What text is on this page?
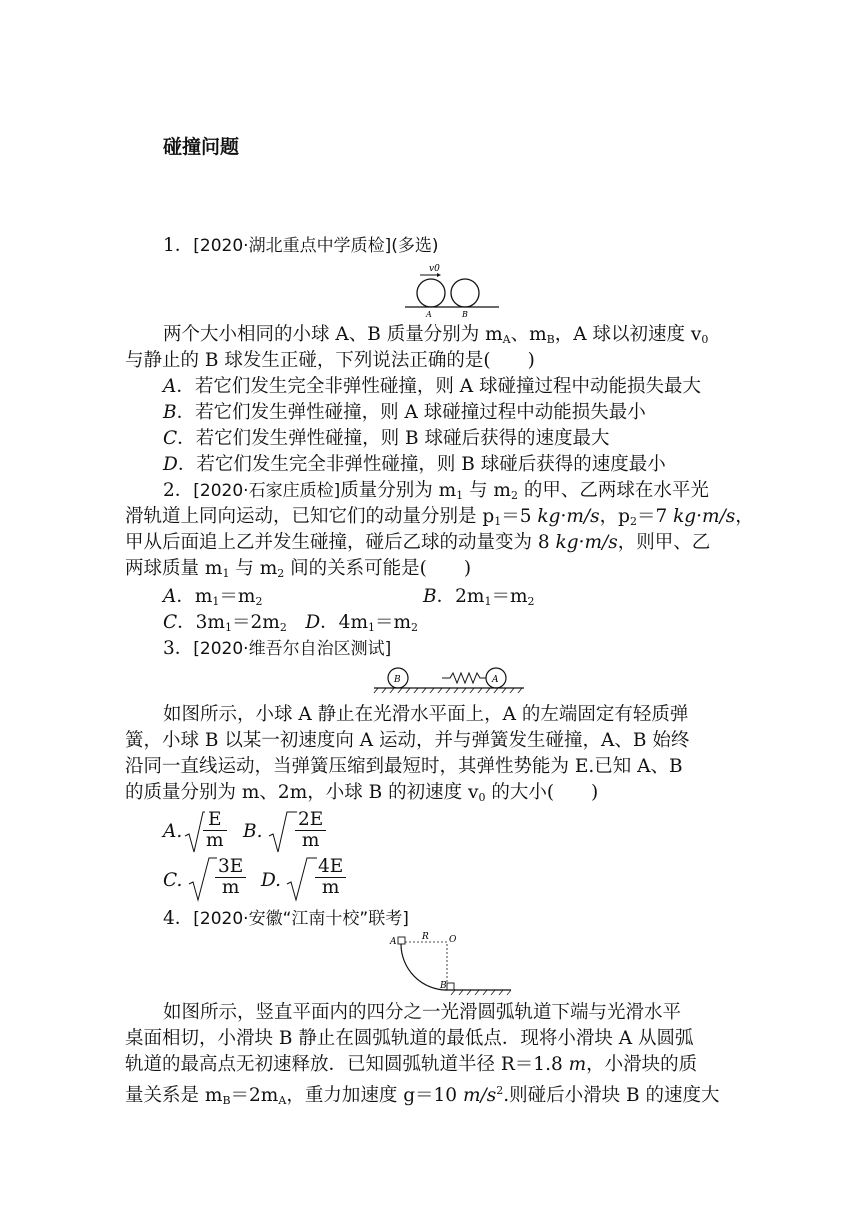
碰撞问题
1．[2020·湖北重点中学质检](多选)
v0
A	B
两个大小相同的小球 A、B 质量分别为 $m_A$、$m_B$，A 球以初速度 $v_0$
与静止的 B 球发生正碰，下列说法正确的是(　　)
A．若它们发生完全非弹性碰撞，则 A 球碰撞过程中动能损失最大
B．若它们发生弹性碰撞，则 A 球碰撞过程中动能损失最小
C．若它们发生弹性碰撞，则 B 球碰后获得的速度最大
D．若它们发生完全非弹性碰撞，则 B 球碰后获得的速度最小
2．[2020·石家庄质检]质量分别为 $m_1$ 与 $m_2$ 的甲、乙两球在水平光
滑轨道上同向运动，已知它们的动量分别是 $p_1=5$ kg·m/s，$p_2=7$ kg·m/s，
甲从后面追上乙并发生碰撞，碰后乙球的动量变为 8 kg·m/s，则甲、乙
两球质量 $m_1$ 与 $m_2$ 间的关系可能是(　　)
A．$m_1=m_2$	B．$2m_1=m_2$
C．$3m_1=2m_2$　 D．$4m_1=m_2$
3．[2020·维吾尔自治区测试]
B	A
如图所示，小球 A 静止在光滑水平面上，A 的左端固定有轻质弹
簧，小球 B 以某一初速度向 A 运动，并与弹簧发生碰撞，A、B 始终
沿同一直线运动，当弹簧压缩到最短时，其弹性势能为 E.已知 A、B
的质量分别为 m、2m，小球 B 的初速度 $v_0$ 的大小(　　)
A. $\frac{E}{m} B$. $\frac{2E}{m}$
C. $\frac{3E}{m} D$. $\frac{4E}{m}$
4．[2020·安徽“江南十校”联考]
A	R O
B
如图所示，竖直平面内的四分之一光滑圆弧轨道下端与光滑水平
桌面相切，小滑块 B 静止在圆弧轨道的最低点．现将小滑块 A 从圆弧
轨道的最高点无初速释放．已知圆弧轨道半径 R＝1.8 m，小滑块的质
量关系是 $m_B=2m_A$，重力加速度 g＝10 $m/s^2$.则碰后小滑块 B 的速度大
